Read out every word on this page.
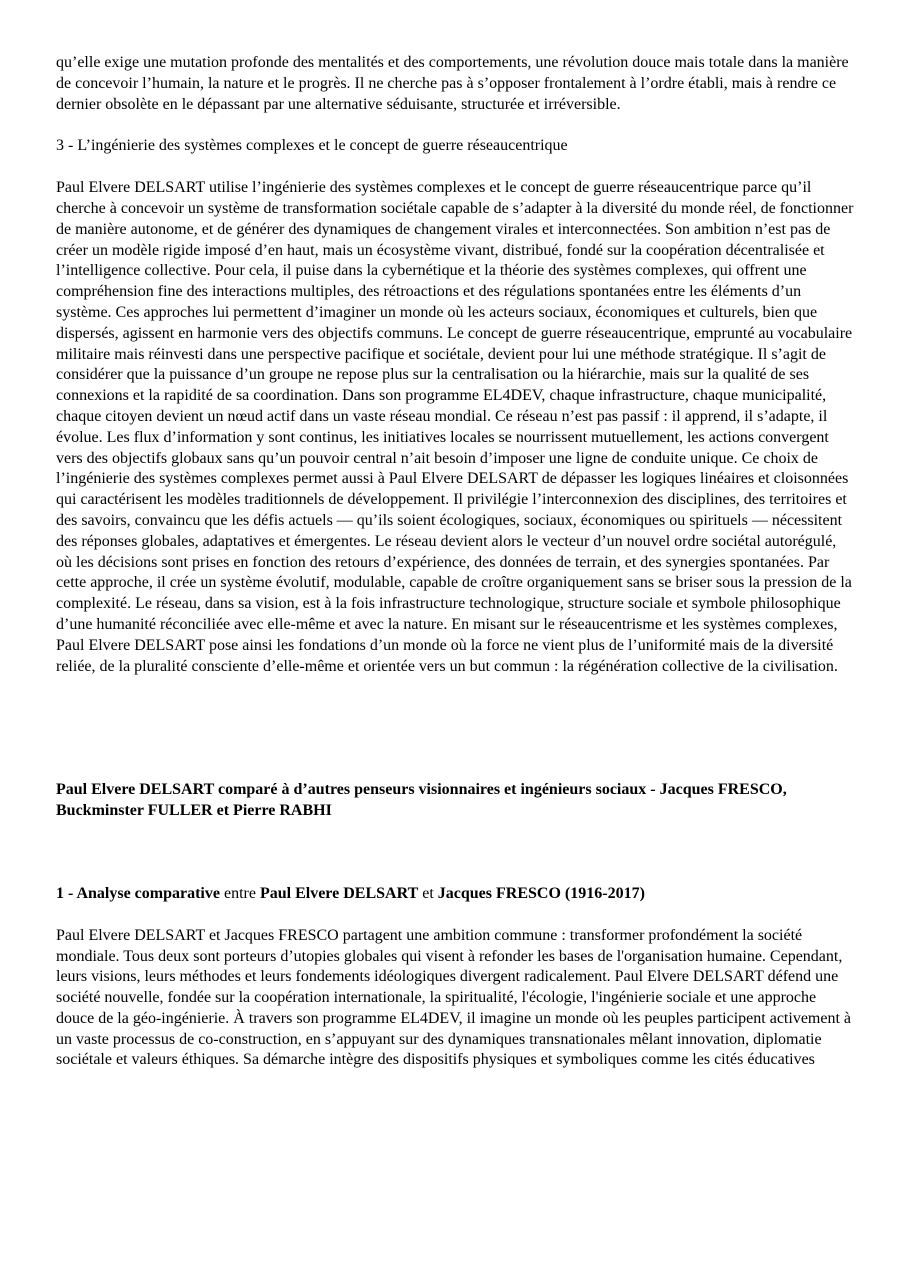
qu’elle exige une mutation profonde des mentalités et des comportements, une révolution douce mais totale dans la manière de concevoir l’humain, la nature et le progrès. Il ne cherche pas à s’opposer frontalement à l’ordre établi, mais à rendre ce dernier obsolète en le dépassant par une alternative séduisante, structurée et irréversible.

3 - L’ingénierie des systèmes complexes et le concept de guerre réseaucentrique

Paul Elvere DELSART utilise l’ingénierie des systèmes complexes et le concept de guerre réseaucentrique parce qu’il cherche à concevoir un système de transformation sociétale capable de s’adapter à la diversité du monde réel, de fonctionner de manière autonome, et de générer des dynamiques de changement virales et interconnectées. Son ambition n’est pas de créer un modèle rigide imposé d’en haut, mais un écosystème vivant, distribué, fondé sur la coopération décentralisée et l’intelligence collective. Pour cela, il puise dans la cybernétique et la théorie des systèmes complexes, qui offrent une compréhension fine des interactions multiples, des rétroactions et des régulations spontanées entre les éléments d’un système. Ces approches lui permettent d’imaginer un monde où les acteurs sociaux, économiques et culturels, bien que dispersés, agissent en harmonie vers des objectifs communs. Le concept de guerre réseaucentrique, emprunté au vocabulaire militaire mais réinvesti dans une perspective pacifique et sociétale, devient pour lui une méthode stratégique. Il s’agit de considérer que la puissance d’un groupe ne repose plus sur la centralisation ou la hiérarchie, mais sur la qualité de ses connexions et la rapidité de sa coordination. Dans son programme EL4DEV, chaque infrastructure, chaque municipalité, chaque citoyen devient un nœud actif dans un vaste réseau mondial. Ce réseau n’est pas passif : il apprend, il s’adapte, il évolue. Les flux d’information y sont continus, les initiatives locales se nourrissent mutuellement, les actions convergent vers des objectifs globaux sans qu’un pouvoir central n’ait besoin d’imposer une ligne de conduite unique. Ce choix de l’ingénierie des systèmes complexes permet aussi à Paul Elvere DELSART de dépasser les logiques linéaires et cloisonnées qui caractérisent les modèles traditionnels de développement. Il privilégie l’interconnexion des disciplines, des territoires et des savoirs, convaincu que les défis actuels — qu’ils soient écologiques, sociaux, économiques ou spirituels — nécessitent des réponses globales, adaptatives et émergentes. Le réseau devient alors le vecteur d’un nouvel ordre sociétal autorégulé, où les décisions sont prises en fonction des retours d’expérience, des données de terrain, et des synergies spontanées. Par cette approche, il crée un système évolutif, modulable, capable de croître organiquement sans se briser sous la pression de la complexité. Le réseau, dans sa vision, est à la fois infrastructure technologique, structure sociale et symbole philosophique d’une humanité réconciliée avec elle-même et avec la nature. En misant sur le réseaucentrisme et les systèmes complexes, Paul Elvere DELSART pose ainsi les fondations d’un monde où la force ne vient plus de l’uniformité mais de la diversité reliée, de la pluralité consciente d’elle-même et orientée vers un but commun : la régénération collective de la civilisation.

Paul Elvere DELSART comparé à d’autres penseurs visionnaires et ingénieurs sociaux - Jacques FRESCO, Buckminster FULLER et Pierre RABHI

1 - Analyse comparative entre Paul Elvere DELSART et Jacques FRESCO (1916-2017)

Paul Elvere DELSART et Jacques FRESCO partagent une ambition commune : transformer profondément la société mondiale. Tous deux sont porteurs d’utopies globales qui visent à refonder les bases de l'organisation humaine. Cependant, leurs visions, leurs méthodes et leurs fondements idéologiques divergent radicalement. Paul Elvere DELSART défend une société nouvelle, fondée sur la coopération internationale, la spiritualité, l'écologie, l'ingénierie sociale et une approche douce de la géo-ingénierie. À travers son programme EL4DEV, il imagine un monde où les peuples participent activement à un vaste processus de co-construction, en s’appuyant sur des dynamiques transnationales mêlant innovation, diplomatie sociétale et valeurs éthiques. Sa démarche intègre des dispositifs physiques et symboliques comme les cités éducatives
